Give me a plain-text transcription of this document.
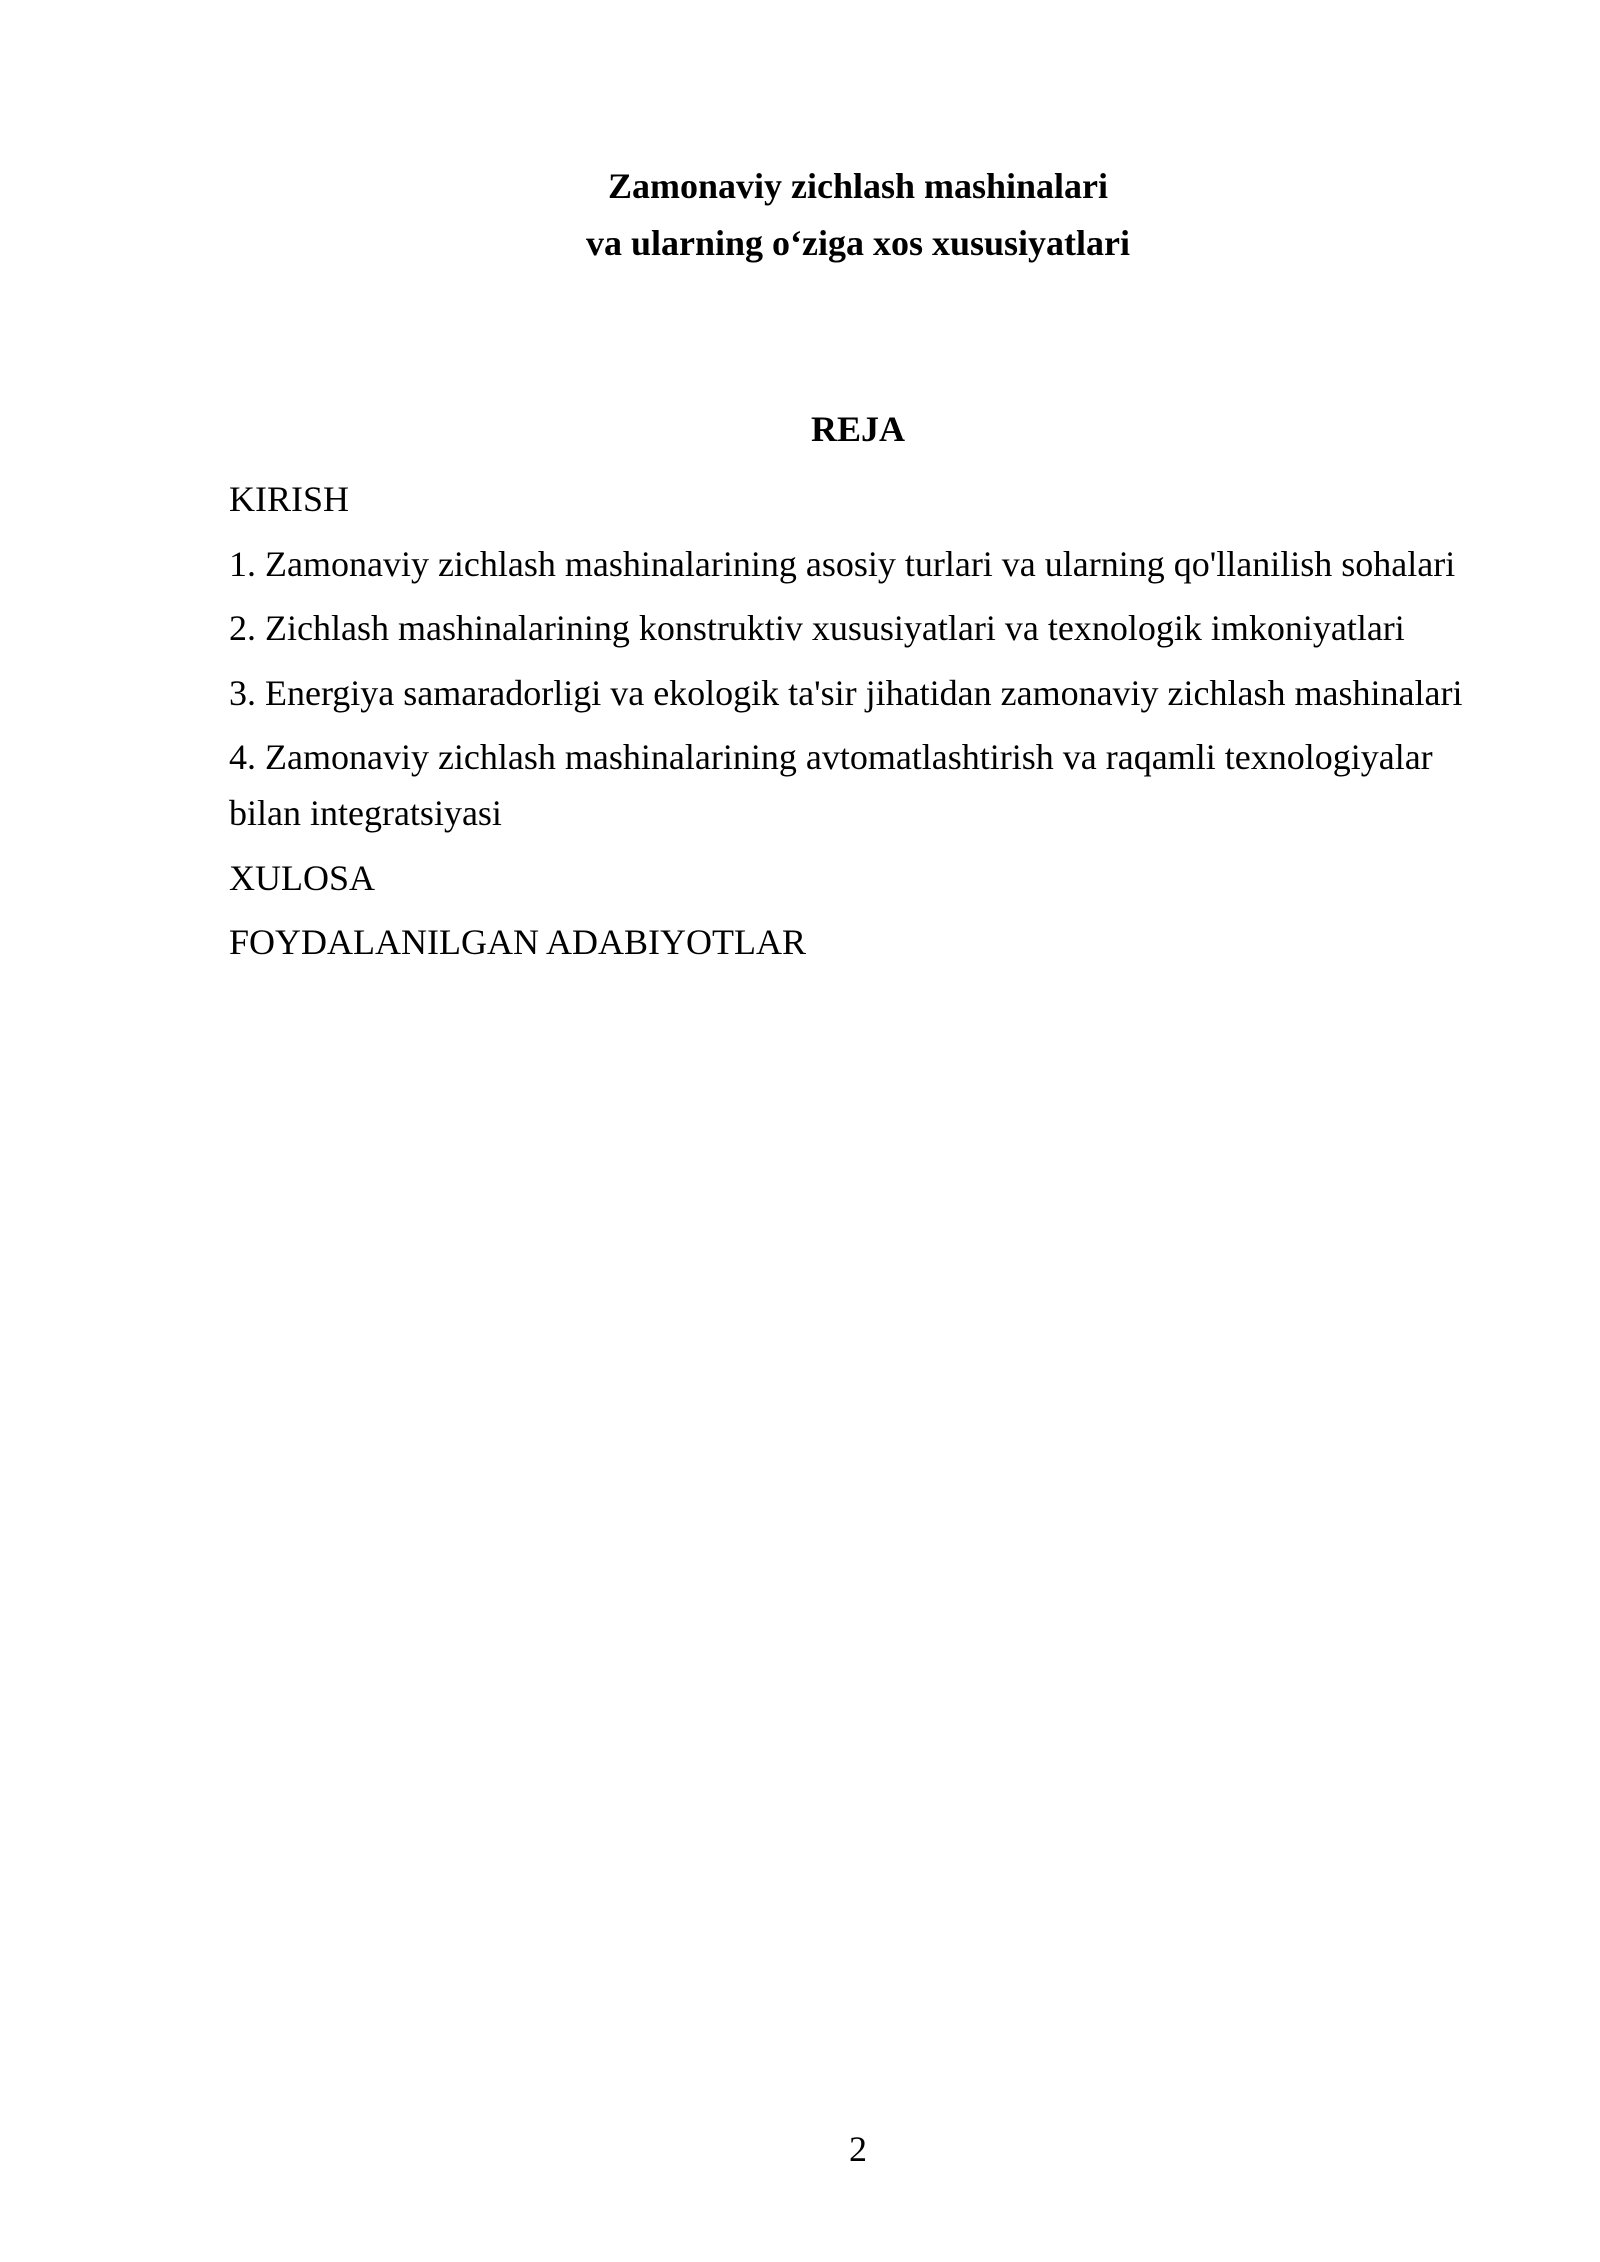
Zamonaviy zichlash mashinalari
va ularning o‘ziga xos xususiyatlari
REJA
KIRISH
1. Zamonaviy zichlash mashinalarining asosiy turlari va ularning qo'llanilish sohalari
2. Zichlash mashinalarining konstruktiv xususiyatlari va texnologik imkoniyatlari
3. Energiya samaradorligi va ekologik ta'sir jihatidan zamonaviy zichlash mashinalari
4. Zamonaviy zichlash mashinalarining avtomatlashtirish va raqamli texnologiyalar bilan integratsiyasi
XULOSA
FOYDALANILGAN ADABIYOTLAR
2
